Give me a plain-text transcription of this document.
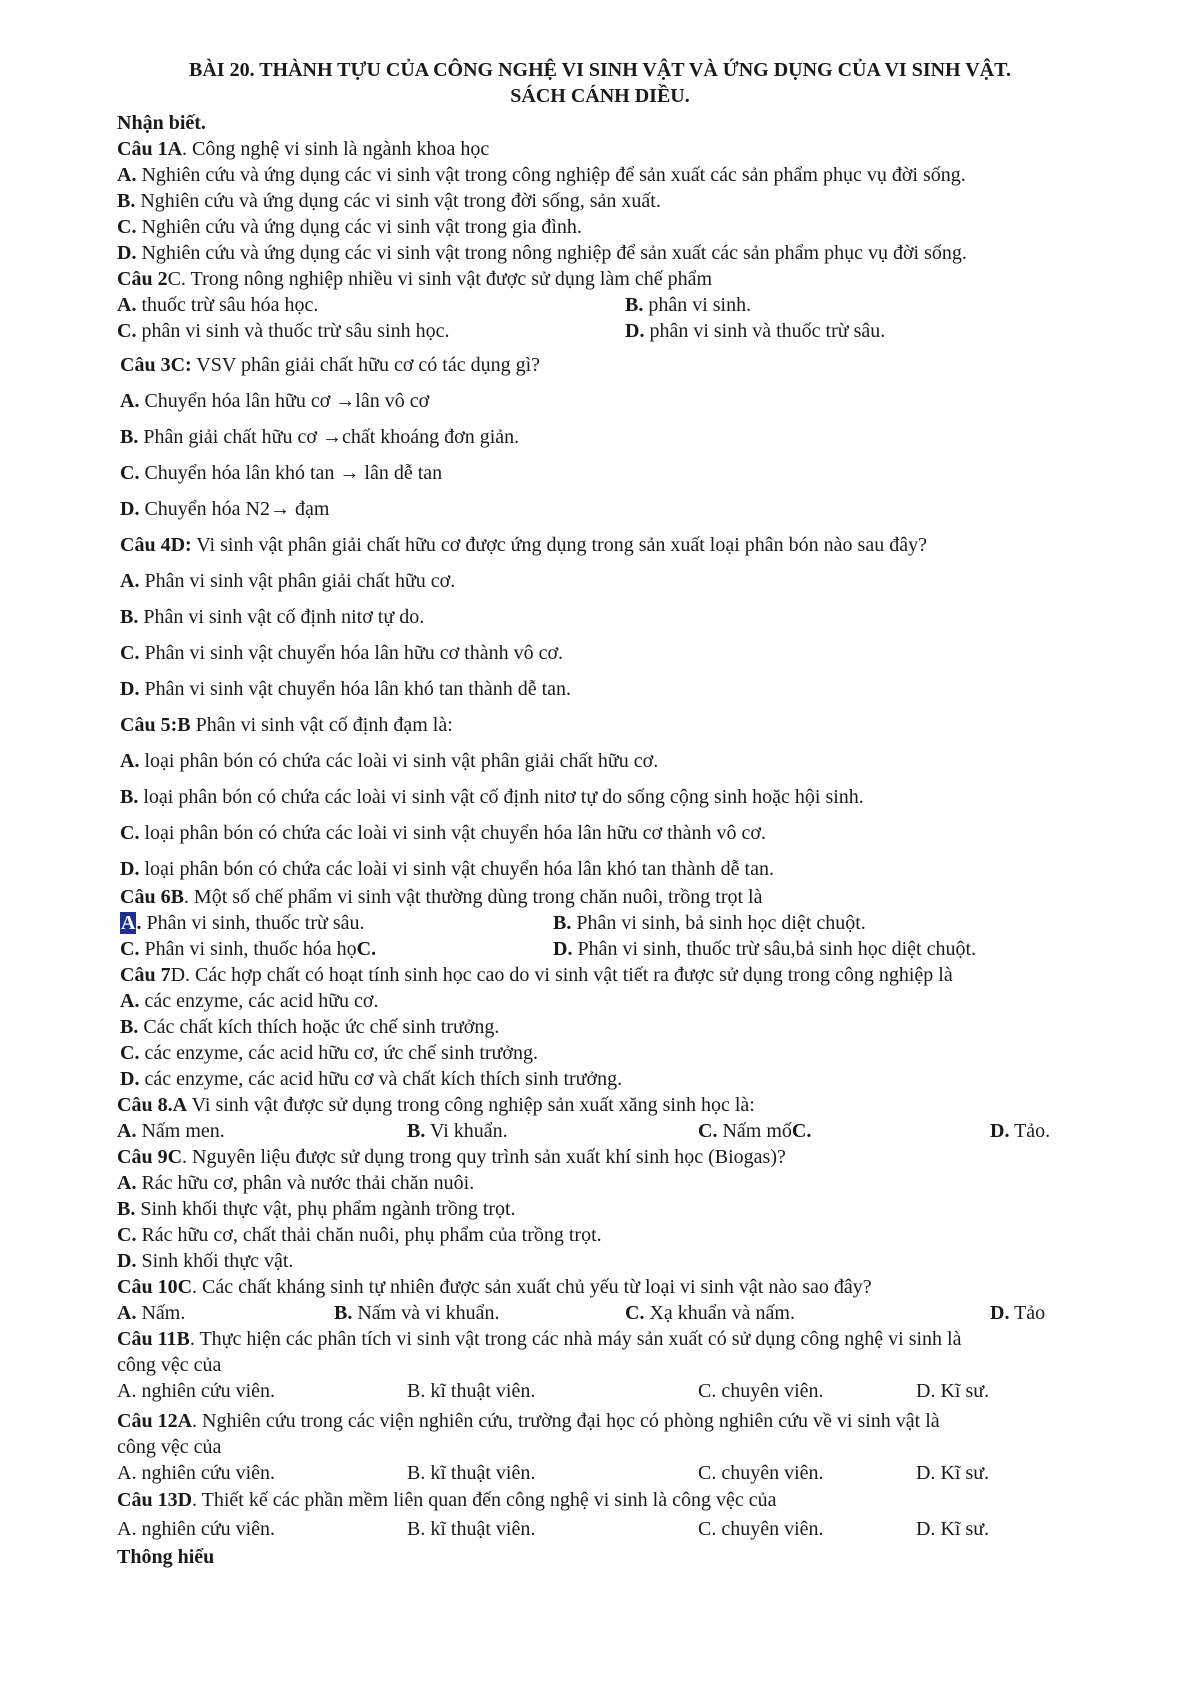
BÀI 20. THÀNH TỰU CỦA CÔNG NGHỆ VI SINH VẬT VÀ ỨNG DỤNG CỦA VI SINH VẬT.
SÁCH CÁNH DIỀU.
Nhận biết.
Câu 1A. Công nghệ vi sinh là ngành khoa học
A. Nghiên cứu và ứng dụng các vi sinh vật trong công nghiệp để sản xuất các sản phẩm phục vụ đời sống.
B. Nghiên cứu và ứng dụng các vi sinh vật trong đời sống, sản xuất.
C. Nghiên cứu và ứng dụng các vi sinh vật trong gia đình.
D. Nghiên cứu và ứng dụng các vi sinh vật trong nông nghiệp để sản xuất các sản phẩm phục vụ đời sống.
Câu 2C. Trong nông nghiệp nhiều vi sinh vật được sử dụng làm chế phẩm
A. thuốc trừ sâu hóa học.	B. phân vi sinh.
C. phân vi sinh và thuốc trừ sâu sinh học.	D. phân vi sinh và thuốc trừ sâu.
Câu 3C: VSV phân giải chất hữu cơ có tác dụng gì?
A. Chuyển hóa lân hữu cơ →lân vô cơ
B. Phân giải chất hữu cơ →chất khoáng đơn giản.
C. Chuyển hóa lân khó tan → lân dễ tan
D. Chuyển hóa N2→ đạm
Câu 4D: Vi sinh vật phân giải chất hữu cơ được ứng dụng trong sản xuất loại phân bón nào sau đây?
A. Phân vi sinh vật phân giải chất hữu cơ.
B. Phân vi sinh vật cố định nitơ tự do.
C. Phân vi sinh vật chuyển hóa lân hữu cơ thành vô cơ.
D. Phân vi sinh vật chuyển hóa lân khó tan thành dễ tan.
Câu 5:B Phân vi sinh vật cố định đạm là:
A. loại phân bón có chứa các loài vi sinh vật phân giải chất hữu cơ.
B. loại phân bón có chứa các loài vi sinh vật cố định nitơ tự do sống cộng sinh hoặc hội sinh.
C. loại phân bón có chứa các loài vi sinh vật chuyển hóa lân hữu cơ thành vô cơ.
D. loại phân bón có chứa các loài vi sinh vật chuyển hóa lân khó tan thành dễ tan.
Câu 6B. Một số chế phẩm vi sinh vật thường dùng trong chăn nuôi, trồng trọt là
A. Phân vi sinh, thuốc trừ sâu.	B. Phân vi sinh, bả sinh học diệt chuột.
C. Phân vi sinh, thuốc hóa họC.	D. Phân vi sinh, thuốc trừ sâu,bả sinh học diệt chuột.
Câu 7D. Các hợp chất có hoạt tính sinh học cao do vi sinh vật tiết ra được sử dụng trong công nghiệp là
A. các enzyme, các acid hữu cơ.
B. Các chất kích thích hoặc ức chế sinh trưởng.
C. các enzyme, các acid hữu cơ, ức chế sinh trưởng.
D. các enzyme, các acid hữu cơ và chất kích thích sinh trưởng.
Câu 8.A Vi sinh vật được sử dụng trong công nghiệp sản xuất xăng sinh học là:
A. Nấm men.	B. Vi khuẩn.	C. Nấm mốC.	D. Tảo.
Câu 9C. Nguyên liệu được sử dụng trong quy trình sản xuất khí sinh học (Biogas)?
A. Rác hữu cơ, phân và nước thải chăn nuôi.
B. Sinh khối thực vật, phụ phẩm ngành trồng trọt.
C. Rác hữu cơ, chất thải chăn nuôi, phụ phẩm của trồng trọt.
D. Sinh khối thực vật.
Câu 10C. Các chất kháng sinh tự nhiên được sản xuất chủ yếu từ loại vi sinh vật nào sao đây?
A. Nấm.	B. Nấm và vi khuẩn.	C. Xạ khuẩn và nấm.	D. Tảo
Câu 11B. Thực hiện các phân tích vi sinh vật trong các nhà máy sản xuất có sử dụng công nghệ vi sinh là
công vệc của
A. nghiên cứu viên.	B. kĩ thuật viên.	C. chuyên viên.	D. Kĩ sư.
Câu 12A. Nghiên cứu trong các viện nghiên cứu, trường đại học có phòng nghiên cứu về vi sinh vật là
công vệc của
A. nghiên cứu viên.	B. kĩ thuật viên.	C. chuyên viên.	D. Kĩ sư.
Câu 13D. Thiết kế các phần mềm liên quan đến công nghệ vi sinh là công vệc của
A. nghiên cứu viên.	B. kĩ thuật viên.	C. chuyên viên.	D. Kĩ sư.
Thông hiểu
